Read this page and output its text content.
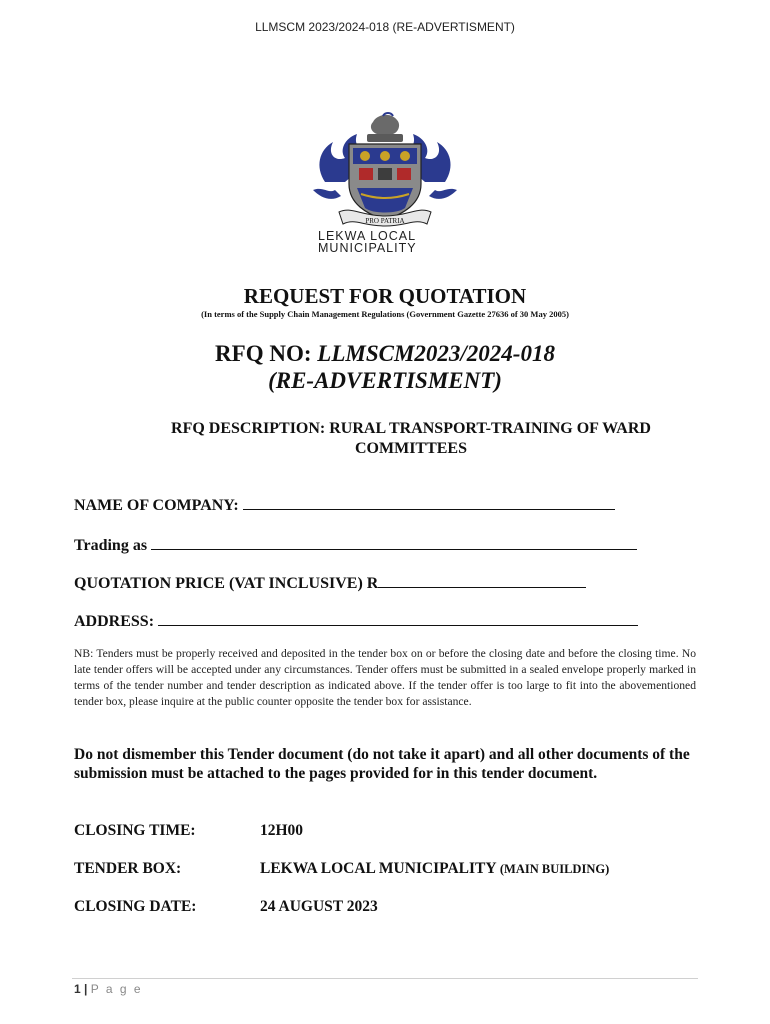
LLMSCM 2023/2024-018 (RE-ADVERTISMENT)
PRO PATRIA
LEKWA LOCAL
MUNICIPALITY
REQUEST FOR QUOTATION
(In terms of the Supply Chain Management Regulations (Government Gazette 27636 of 30 May 2005)
RFQ NO: LLMSCM2023/2024-018
(RE-ADVERTISMENT)
RFQ DESCRIPTION: RURAL TRANSPORT-TRAINING OF WARD COMMITTEES
NAME OF COMPANY:
Trading as
QUOTATION PRICE (VAT INCLUSIVE) R
ADDRESS:
NB: Tenders must be properly received and deposited in the tender box on or before the closing date and before the closing time. No late tender offers will be accepted under any circumstances. Tender offers must be submitted in a sealed envelope properly marked in terms of the tender number and tender description as indicated above. If the tender offer is too large to fit into the abovementioned tender box, please inquire at the public counter opposite the tender box for assistance.
Do not dismember this Tender document (do not take it apart) and all other documents of the submission must be attached to the pages provided for in this tender document.
CLOSING TIME:	12H00
TENDER BOX:	LEKWA LOCAL MUNICIPALITY (MAIN BUILDING)
CLOSING DATE:	24 AUGUST 2023
1 | P a g e
